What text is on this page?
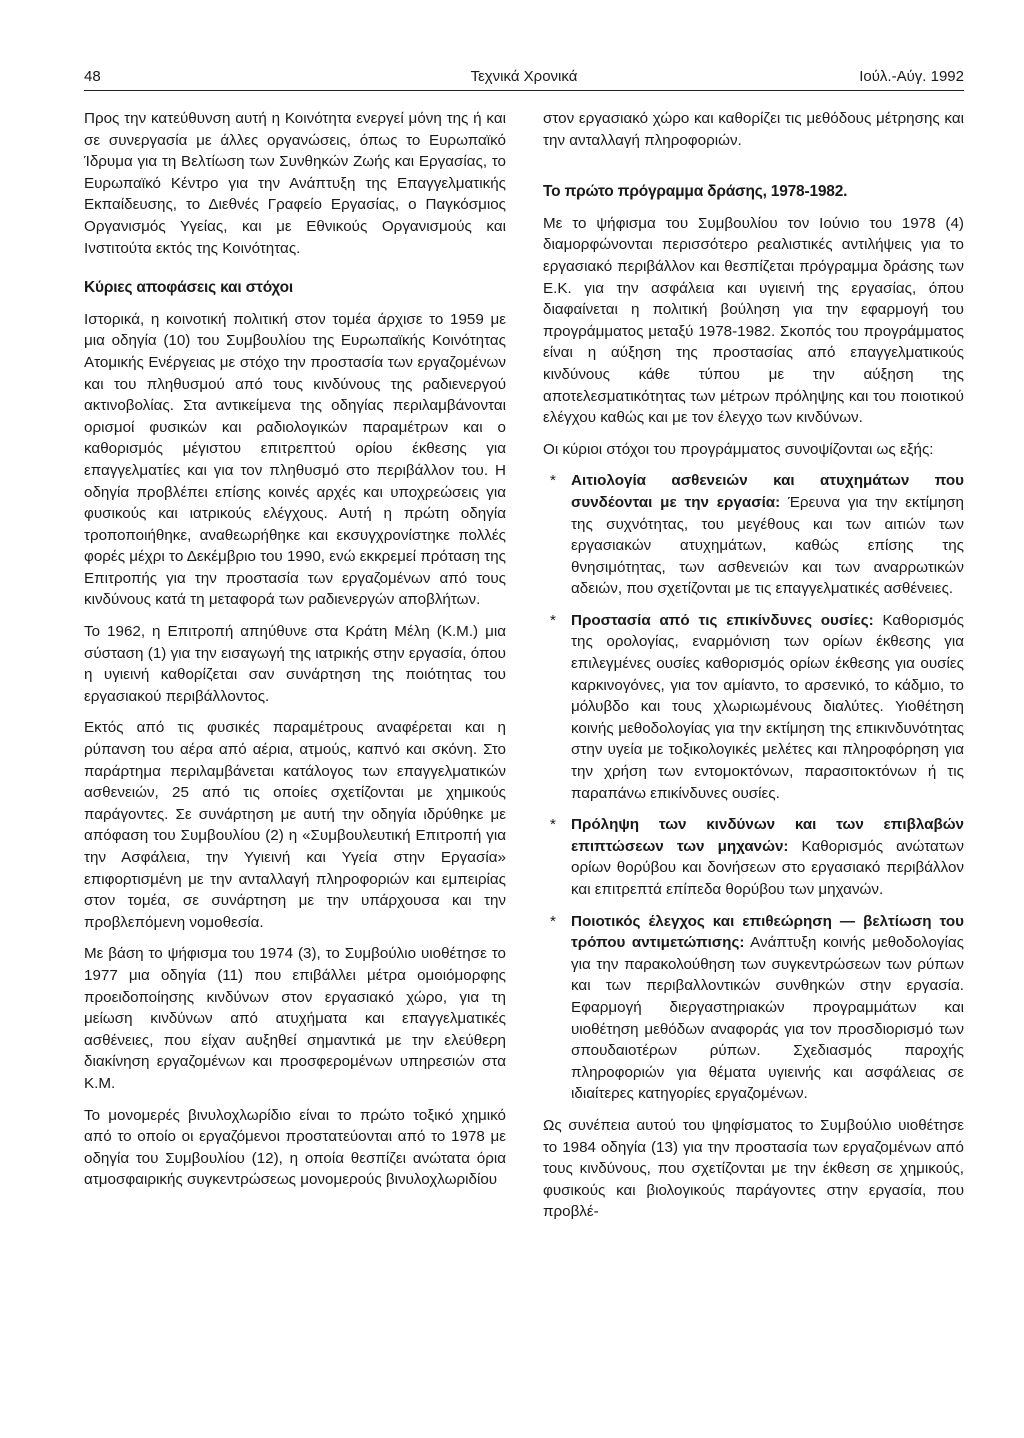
48	Τεχνικά Χρονικά	Ιούλ.-Αύγ. 1992

Προς την κατεύθυνση αυτή η Κοινότητα ενεργεί μόνη της ή και σε συνεργασία με άλλες οργανώσεις, όπως το Ευρωπαϊκό Ίδρυμα για τη Βελτίωση των Συνθηκών Ζωής και Εργασίας, το Ευρωπαϊκό Κέντρο για την Ανάπτυξη της Επαγγελματικής Εκπαίδευσης, το Διεθνές Γραφείο Εργασίας, ο Παγκόσμιος Οργανισμός Υγείας, και με Εθνικούς Οργανισμούς και Ινστιτούτα εκτός της Κοινότητας.

Κύριες αποφάσεις και στόχοι

Ιστορικά, η κοινοτική πολιτική στον τομέα άρχισε το 1959 με μια οδηγία (10) του Συμβουλίου της Ευρωπαϊκής Κοινότητας Ατομικής Ενέργειας με στόχο την προστασία των εργαζομένων και του πληθυσμού από τους κινδύνους της ραδιενεργού ακτινοβολίας. Στα αντικείμενα της οδηγίας περιλαμβάνονται ορισμοί φυσικών και ραδιολογικών παραμέτρων και ο καθορισμός μέγιστου επιτρεπτού ορίου έκθεσης για επαγγελματίες και για τον πληθυσμό στο περιβάλλον του. Η οδηγία προβλέπει επίσης κοινές αρχές και υποχρεώσεις για φυσικούς και ιατρικούς ελέγχους. Αυτή η πρώτη οδηγία τροποποιήθηκε, αναθεωρήθηκε και εκσυγχρονίστηκε πολλές φορές μέχρι το Δεκέμβριο του 1990, ενώ εκκρεμεί πρόταση της Επιτροπής για την προστασία των εργαζομένων από τους κινδύνους κατά τη μεταφορά των ραδιενεργών αποβλήτων.

Το 1962, η Επιτροπή απηύθυνε στα Κράτη Μέλη (Κ.Μ.) μια σύσταση (1) για την εισαγωγή της ιατρικής στην εργασία, όπου η υγιεινή καθορίζεται σαν συνάρτηση της ποιότητας του εργασιακού περιβάλλοντος.

Εκτός από τις φυσικές παραμέτρους αναφέρεται και η ρύπανση του αέρα από αέρια, ατμούς, καπνό και σκόνη. Στο παράρτημα περιλαμβάνεται κατάλογος των επαγγελματικών ασθενειών, 25 από τις οποίες σχετίζονται με χημικούς παράγοντες. Σε συνάρτηση με αυτή την οδηγία ιδρύθηκε με απόφαση του Συμβουλίου (2) η «Συμβουλευτική Επιτροπή για την Ασφάλεια, την Υγιεινή και Υγεία στην Εργασία» επιφορτισμένη με την ανταλλαγή πληροφοριών και εμπειρίας στον τομέα, σε συνάρτηση με την υπάρχουσα και την προβλεπόμενη νομοθεσία.

Με βάση το ψήφισμα του 1974 (3), το Συμβούλιο υιοθέτησε το 1977 μια οδηγία (11) που επιβάλλει μέτρα ομοιόμορφης προειδοποίησης κινδύνων στον εργασιακό χώρο, για τη μείωση κινδύνων από ατυχήματα και επαγγελματικές ασθένειες, που είχαν αυξηθεί σημαντικά με την ελεύθερη διακίνηση εργαζομένων και προσφερομένων υπηρεσιών στα Κ.Μ.

Το μονομερές βινυλοχλωρίδιο είναι το πρώτο τοξικό χημικό από το οποίο οι εργαζόμενοι προστατεύονται από το 1978 με οδηγία του Συμβουλίου (12), η οποία θεσπίζει ανώτατα όρια ατμοσφαιρικής συγκεντρώσεως μονομερούς βινυλοχλωριδίου

στον εργασιακό χώρο και καθορίζει τις μεθόδους μέτρησης και την ανταλλαγή πληροφοριών.

Το πρώτο πρόγραμμα δράσης, 1978-1982.

Με το ψήφισμα του Συμβουλίου τον Ιούνιο του 1978 (4) διαμορφώνονται περισσότερο ρεαλιστικές αντιλήψεις για το εργασιακό περιβάλλον και θεσπίζεται πρόγραμμα δράσης των Ε.Κ. για την ασφάλεια και υγιεινή της εργασίας, όπου διαφαίνεται η πολιτική βούληση για την εφαρμογή του προγράμματος μεταξύ 1978-1982. Σκοπός του προγράμματος είναι η αύξηση της προστασίας από επαγγελματικούς κινδύνους κάθε τύπου με την αύξηση της αποτελεσματικότητας των μέτρων πρόληψης και του ποιοτικού ελέγχου καθώς και με τον έλεγχο των κινδύνων.

Οι κύριοι στόχοι του προγράμματος συνοψίζονται ως εξής:

* Αιτιολογία ασθενειών και ατυχημάτων που συνδέονται με την εργασία: Έρευνα για την εκτίμηση της συχνότητας, του μεγέθους και των αιτιών των εργασιακών ατυχημάτων, καθώς επίσης της θνησιμότητας, των ασθενειών και των αναρρωτικών αδειών, που σχετίζονται με τις επαγγελματικές ασθένειες.
* Προστασία από τις επικίνδυνες ουσίες: Καθορισμός της ορολογίας, εναρμόνιση των ορίων έκθεσης για επιλεγμένες ουσίες καθορισμός ορίων έκθεσης για ουσίες καρκινογόνες, για τον αμίαντο, το αρσενικό, το κάδμιο, το μόλυβδο και τους χλωριωμένους διαλύτες. Υιοθέτηση κοινής μεθοδολογίας για την εκτίμηση της επικινδυνότητας στην υγεία με τοξικολογικές μελέτες και πληροφόρηση για την χρήση των εντομοκτόνων, παρασιτοκτόνων ή τις παραπάνω επικίνδυνες ουσίες.
* Πρόληψη των κινδύνων και των επιβλαβών επιπτώσεων των μηχανών: Καθορισμός ανώτατων ορίων θορύβου και δονήσεων στο εργασιακό περιβάλλον και επιτρεπτά επίπεδα θορύβου των μηχανών.
* Ποιοτικός έλεγχος και επιθεώρηση — βελτίωση του τρόπου αντιμετώπισης: Ανάπτυξη κοινής μεθοδολογίας για την παρακολούθηση των συγκεντρώσεων των ρύπων και των περιβαλλοντικών συνθηκών στην εργασία. Εφαρμογή διεργαστηριακών προγραμμάτων και υιοθέτηση μεθόδων αναφοράς για τον προσδιορισμό των σπουδαιοτέρων ρύπων. Σχεδιασμός παροχής πληροφοριών για θέματα υγιεινής και ασφάλειας σε ιδιαίτερες κατηγορίες εργαζομένων.

Ως συνέπεια αυτού του ψηφίσματος το Συμβούλιο υιοθέτησε το 1984 οδηγία (13) για την προστασία των εργαζομένων από τους κινδύνους, που σχετίζονται με την έκθεση σε χημικούς, φυσικούς και βιολογικούς παράγοντες στην εργασία, που προβλέ-
